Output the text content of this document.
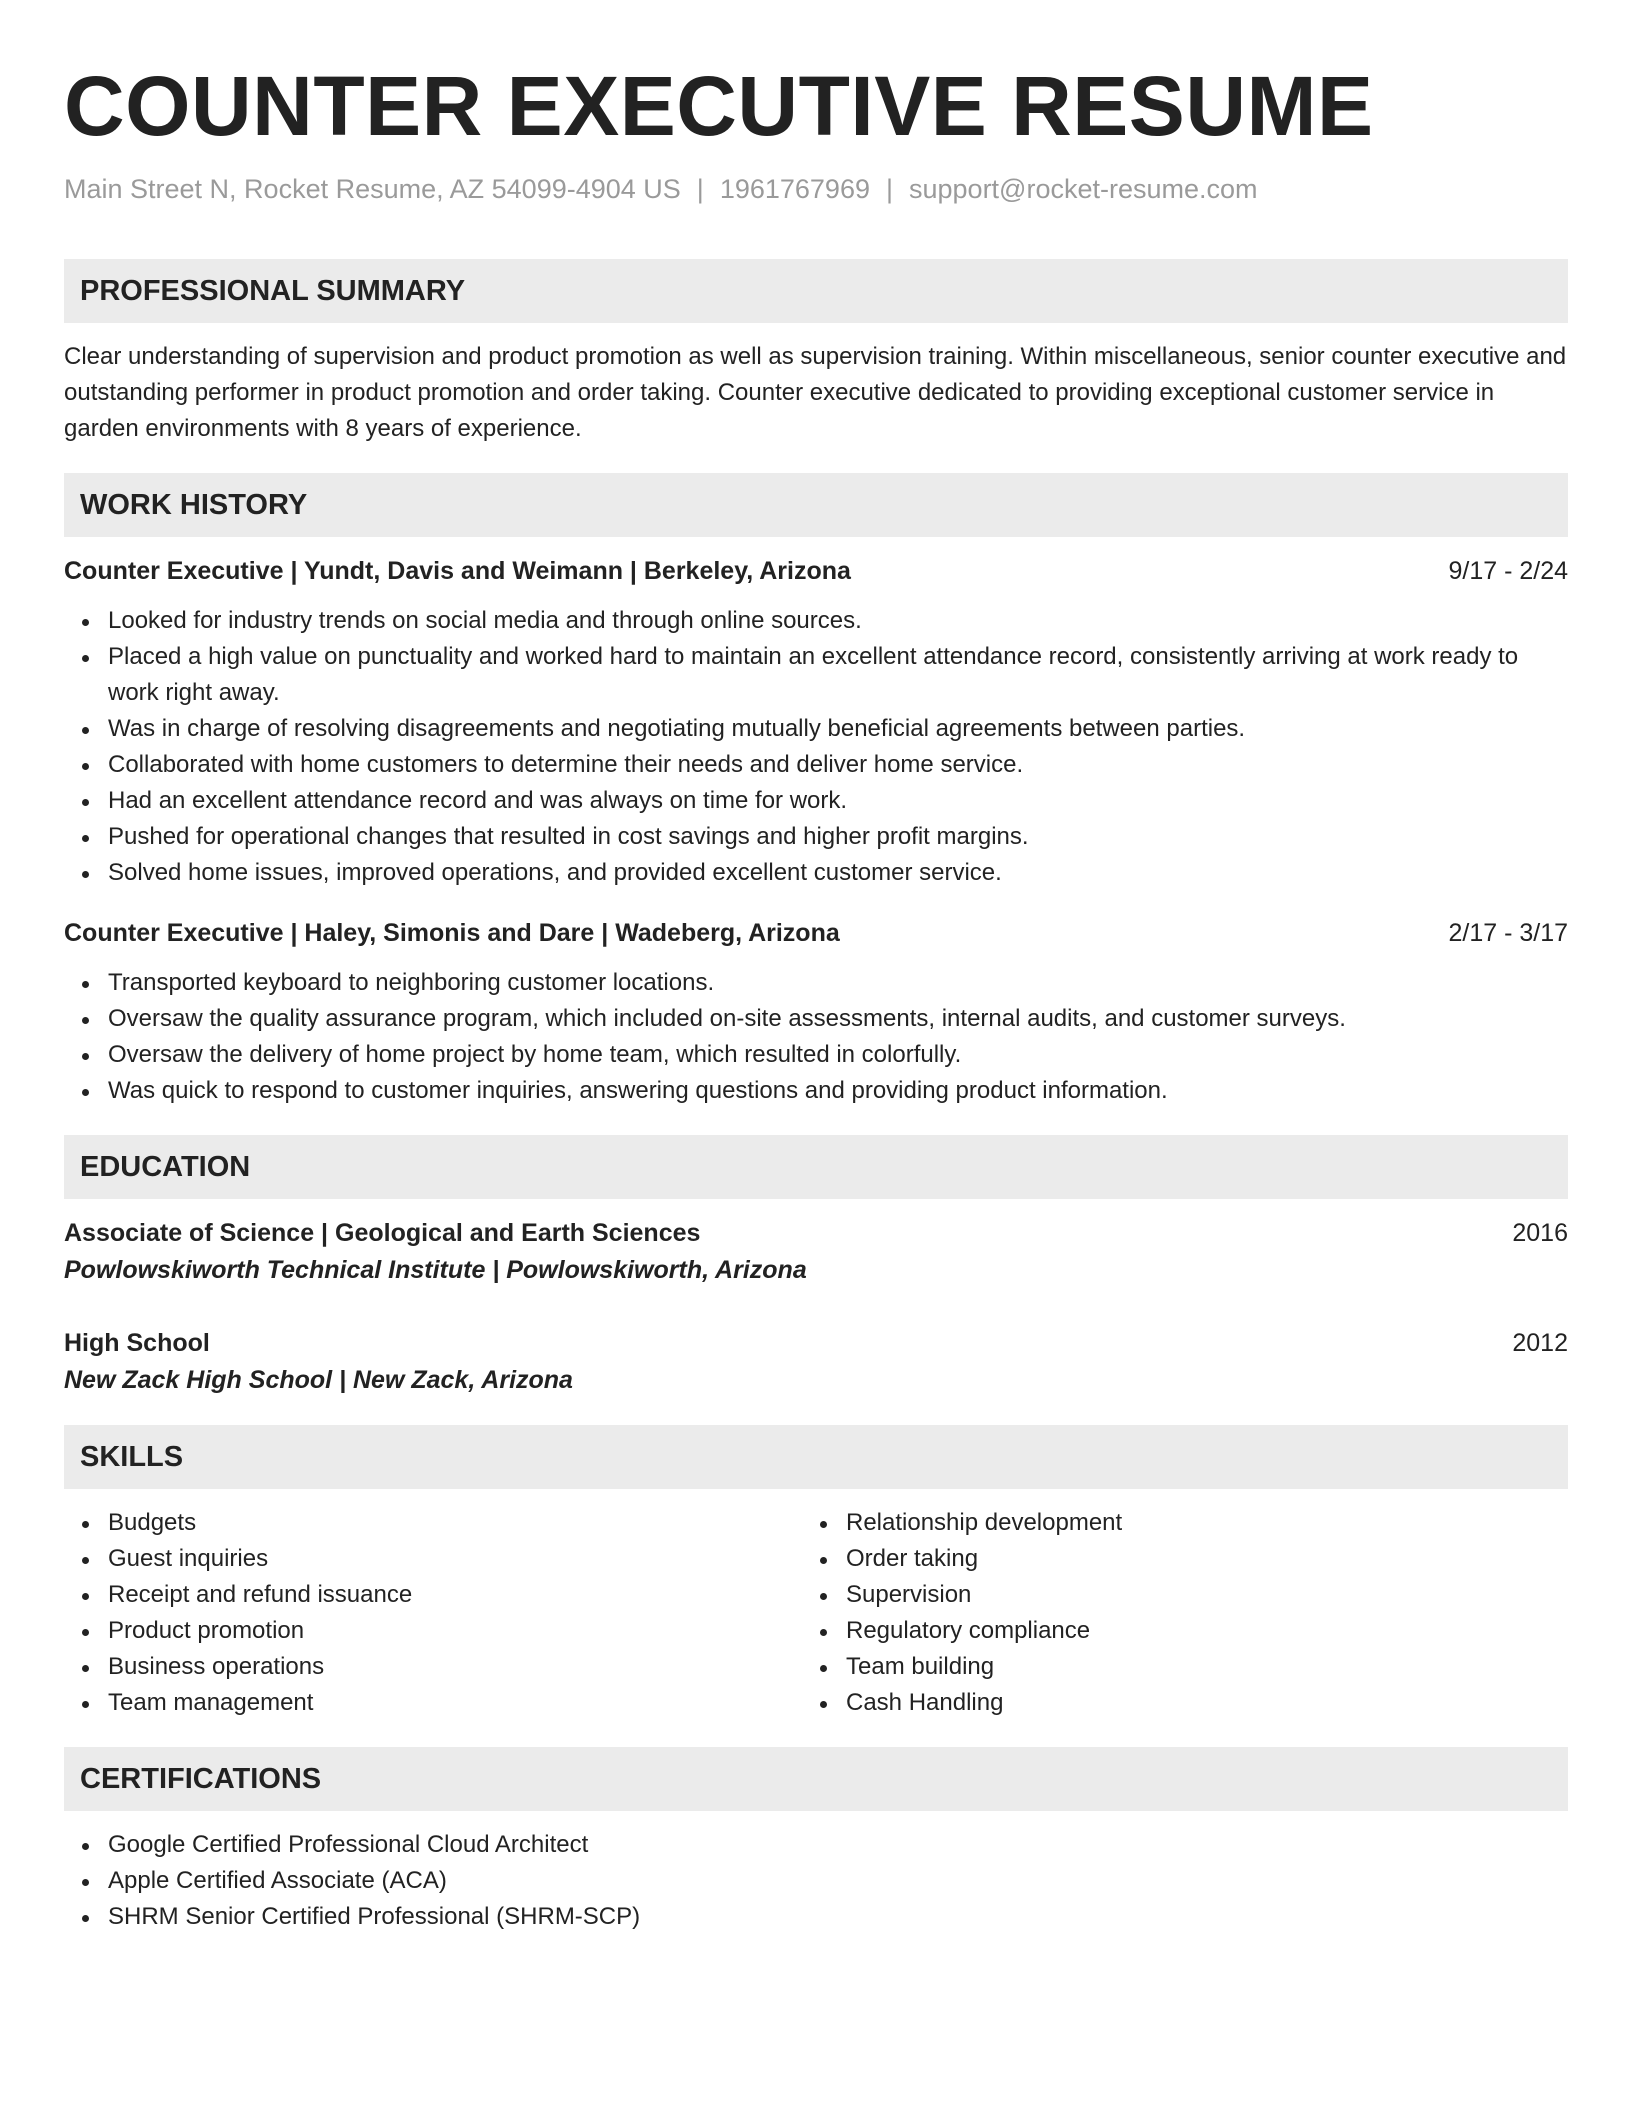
COUNTER EXECUTIVE RESUME
Main Street N, Rocket Resume, AZ 54099-4904 US | 1961767969 | support@rocket-resume.com
PROFESSIONAL SUMMARY

Clear understanding of supervision and product promotion as well as supervision training. Within miscellaneous, senior counter executive and outstanding performer in product promotion and order taking. Counter executive dedicated to providing exceptional customer service in garden environments with 8 years of experience.

WORK HISTORY
Counter Executive | Yundt, Davis and Weimann | Berkeley, Arizona	9/17 - 2/24
Looked for industry trends on social media and through online sources.
Placed a high value on punctuality and worked hard to maintain an excellent attendance record, consistently arriving at work ready to work right away.
Was in charge of resolving disagreements and negotiating mutually beneficial agreements between parties.
Collaborated with home customers to determine their needs and deliver home service.
Had an excellent attendance record and was always on time for work.
Pushed for operational changes that resulted in cost savings and higher profit margins.
Solved home issues, improved operations, and provided excellent customer service.
Counter Executive | Haley, Simonis and Dare | Wadeberg, Arizona	2/17 - 3/17
Transported keyboard to neighboring customer locations.
Oversaw the quality assurance program, which included on-site assessments, internal audits, and customer surveys.
Oversaw the delivery of home project by home team, which resulted in colorfully.
Was quick to respond to customer inquiries, answering questions and providing product information.
EDUCATION
Associate of Science | Geological and Earth Sciences	2016
Powlowskiworth Technical Institute | Powlowskiworth, Arizona
High School	2012
New Zack High School | New Zack, Arizona
SKILLS
Budgets
Guest inquiries
Receipt and refund issuance
Product promotion
Business operations
Team management
Relationship development
Order taking
Supervision
Regulatory compliance
Team building
Cash Handling
CERTIFICATIONS
Google Certified Professional Cloud Architect
Apple Certified Associate (ACA)
SHRM Senior Certified Professional (SHRM-SCP)
